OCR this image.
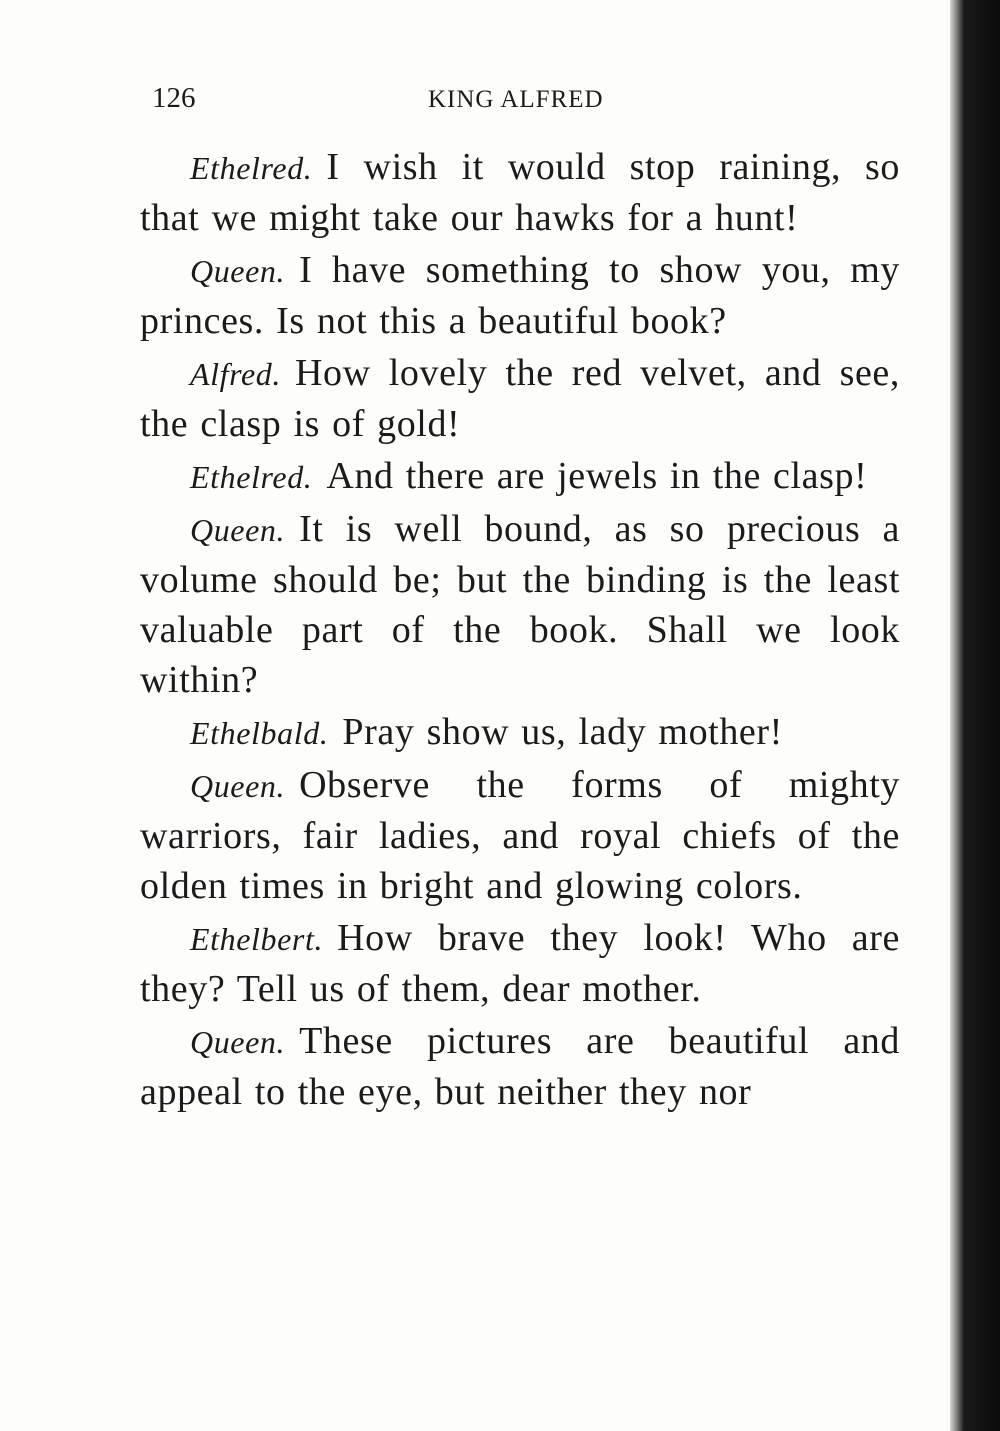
126	KING ALFRED

Ethelred. I wish it would stop raining, so that we might take our hawks for a hunt!

Queen. I have something to show you, my princes. Is not this a beautiful book?

Alfred. How lovely the red velvet, and see, the clasp is of gold!

Ethelred. And there are jewels in the clasp!

Queen. It is well bound, as so precious a volume should be; but the binding is the least valuable part of the book. Shall we look within?

Ethelbald. Pray show us, lady mother!

Queen. Observe the forms of mighty warriors, fair ladies, and royal chiefs of the olden times in bright and glowing colors.

Ethelbert. How brave they look! Who are they? Tell us of them, dear mother.

Queen. These pictures are beautiful and appeal to the eye, but neither they nor
